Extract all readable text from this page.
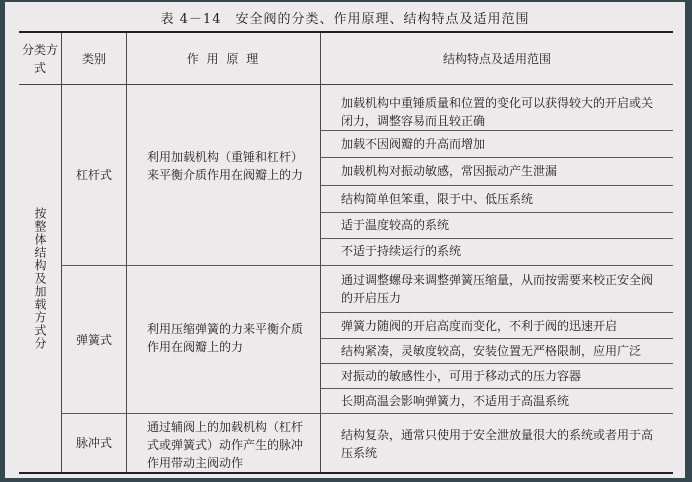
表 4－14　安全阀的分类、作用原理、结构特点及适用范围
分类方式
类别	作 用 原 理	结构特点及适用范围
按整体结构及加载方式分
杠杆式
弹簧式
脉冲式
利用加载机构（重锤和杠杆）来平衡介质作用在阀瓣上的力
利用压缩弹簧的力来平衡介质作用在阀瓣上的力
通过辅阀上的加载机构（杠杆式或弹簧式）动作产生的脉冲作用带动主阀动作
加载机构中重锤质量和位置的变化可以获得较大的开启或关闭力，调整容易而且较正确
加载不因阀瓣的升高而增加
加载机构对振动敏感，常因振动产生泄漏
结构简单但笨重，限于中、低压系统
适于温度较高的系统
不适于持续运行的系统
通过调整螺母来调整弹簧压缩量，从而按需要来校正安全阀的开启压力
弹簧力随阀的开启高度而变化，不利于阀的迅速开启
结构紧凑，灵敏度较高，安装位置无严格限制，应用广泛
对振动的敏感性小，可用于移动式的压力容器
长期高温会影响弹簧力，不适用于高温系统
结构复杂，通常只使用于安全泄放量很大的系统或者用于高压系统
